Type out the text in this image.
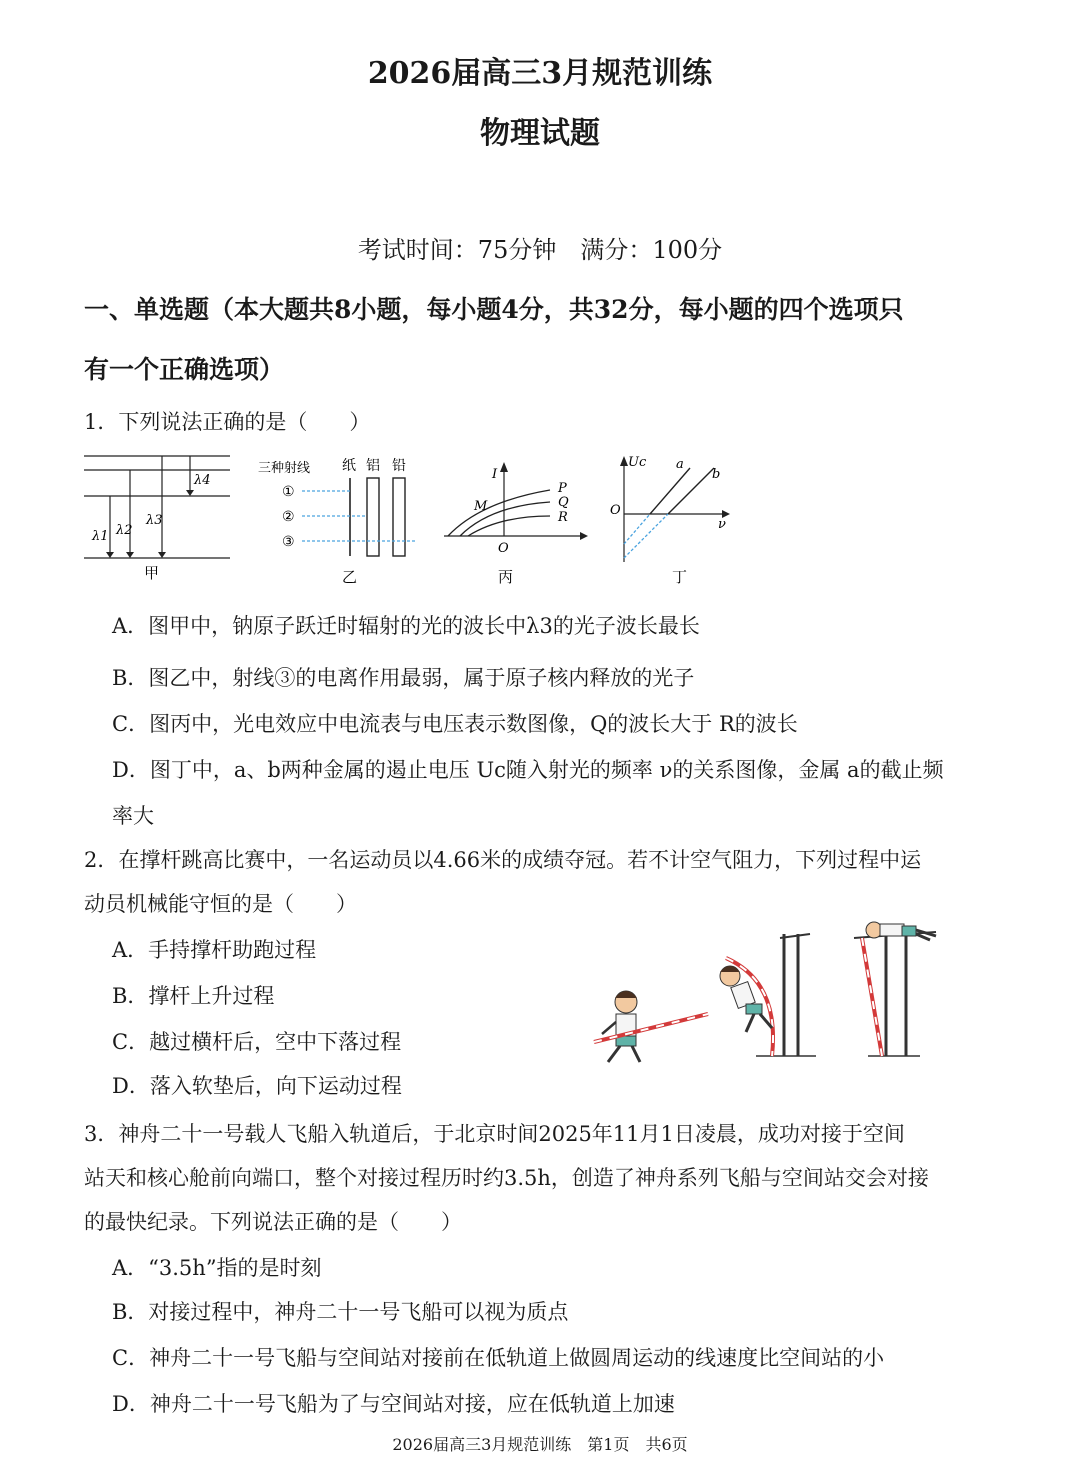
2026届高三3月规范训练
物理试题
考试时间：75分钟　满分：100分
一、单选题（本大题共8小题，每小题4分，共32分，每小题的四个选项只
有一个正确选项）
1．下列说法正确的是（　　）
λ1 λ2
λ3
λ4
甲
三种射线 纸 铝 铅
①
②
③
乙
I
O
M
P
Q
R
丙
Uc
O
ν
a
b
丁
A．图甲中，钠原子跃迁时辐射的光的波长中λ3的光子波长最长
B．图乙中，射线③的电离作用最弱，属于原子核内释放的光子
C．图丙中，光电效应中电流表与电压表示数图像，Q的波长大于 R的波长
D．图丁中，a、b两种金属的遏止电压 Uc随入射光的频率 ν的关系图像，金属 a的截止频
率大
2．在撑杆跳高比赛中，一名运动员以4.66米的成绩夺冠。若不计空气阻力，下列过程中运
动员机械能守恒的是（　　）
A．手持撑杆助跑过程
B．撑杆上升过程
C．越过横杆后，空中下落过程
D．落入软垫后，向下运动过程
3．神舟二十一号载人飞船入轨道后，于北京时间2025年11月1日凌晨，成功对接于空间
站天和核心舱前向端口，整个对接过程历时约3.5h，创造了神舟系列飞船与空间站交会对接
的最快纪录。下列说法正确的是（　　）
A．“3.5h”指的是时刻
B．对接过程中，神舟二十一号飞船可以视为质点
C．神舟二十一号飞船与空间站对接前在低轨道上做圆周运动的线速度比空间站的小
D．神舟二十一号飞船为了与空间站对接，应在低轨道上加速
2026届高三3月规范训练　第1页　共6页
